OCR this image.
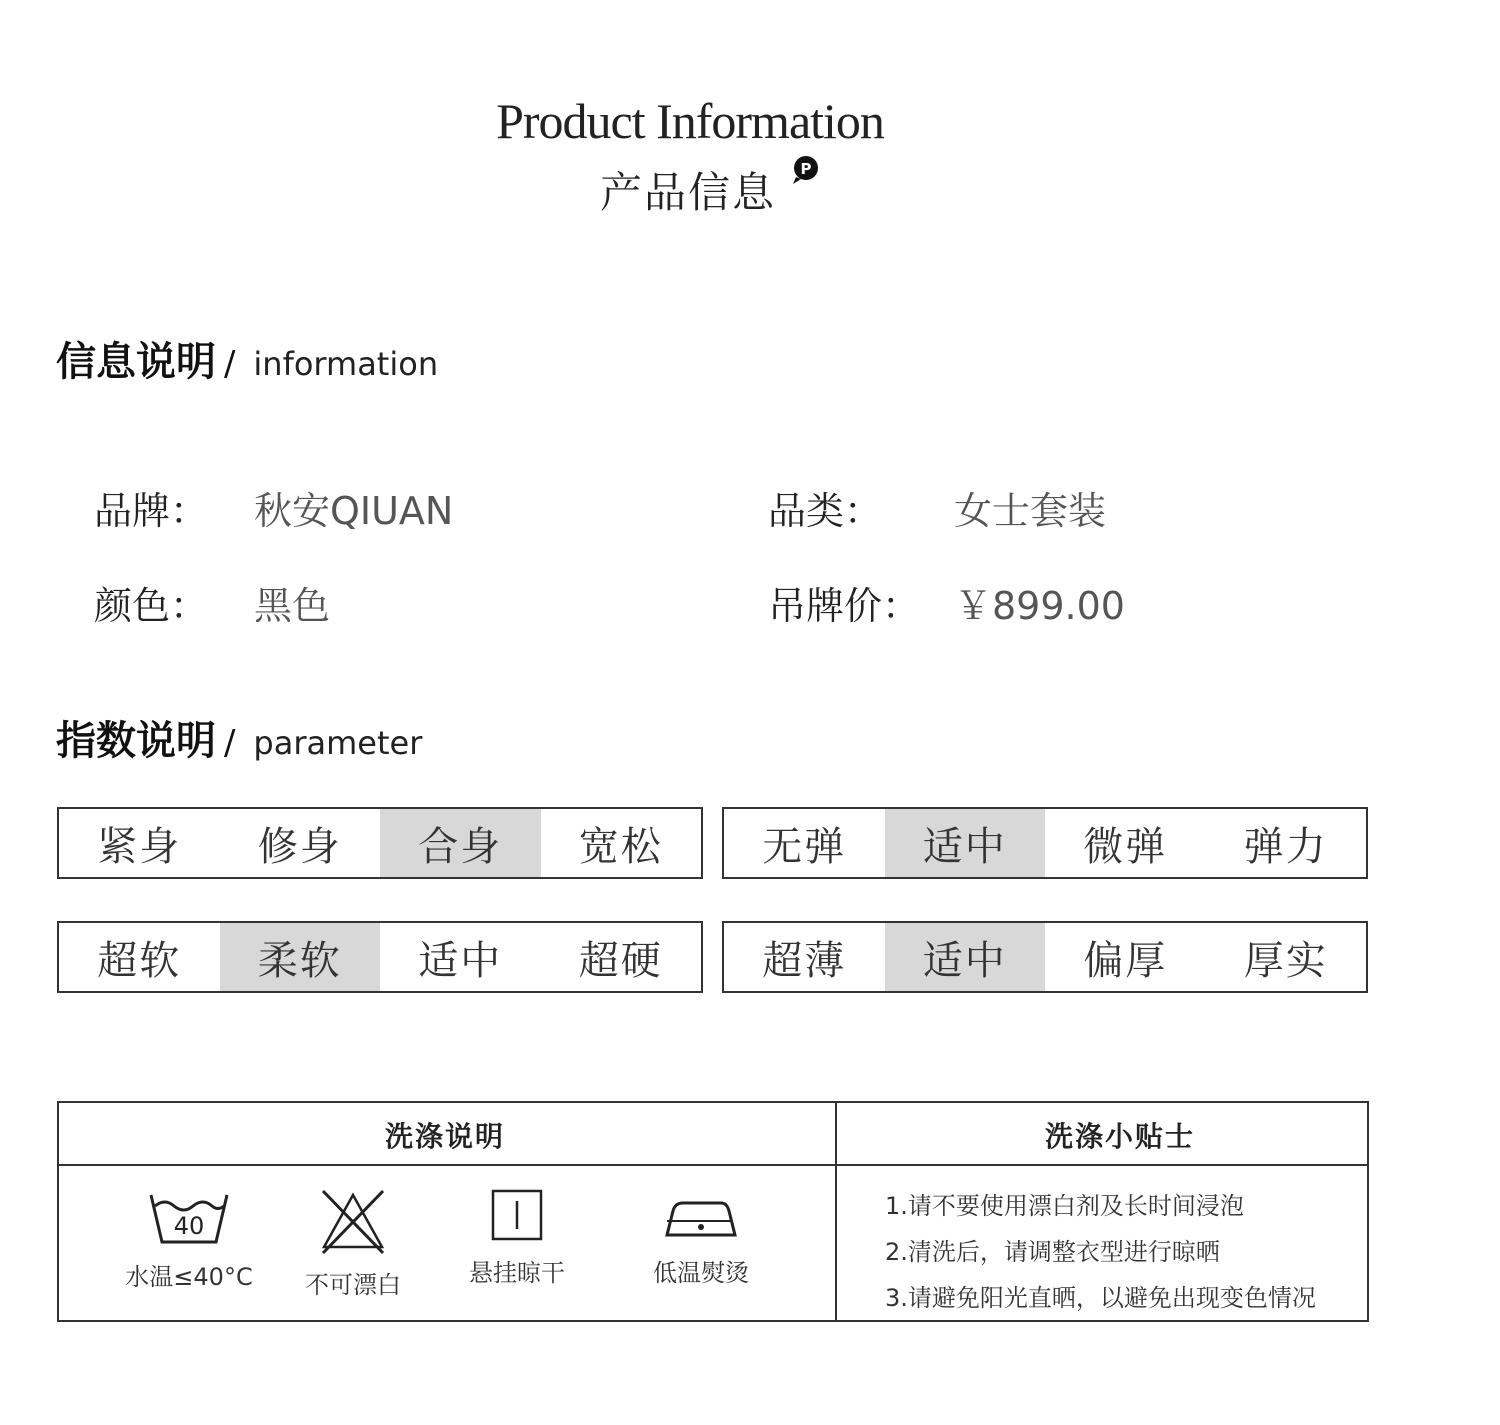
Product Information
产品信息 P
信息说明 / information
品牌： 秋安QIUAN	品类： 女士套装
颜色： 黑色	吊牌价： ￥899.00
指数说明 / parameter
紧身	修身	合身	宽松	无弹	适中	微弹	弹力
超软	柔软	适中	超硬	超薄	适中	偏厚	厚实
洗涤说明	洗涤小贴士
40
水温≤40°C	不可漂白	悬挂晾干	低温熨烫
1.请不要使用漂白剂及长时间浸泡
2.清洗后，请调整衣型进行晾晒
3.请避免阳光直晒，以避免出现变色情况
